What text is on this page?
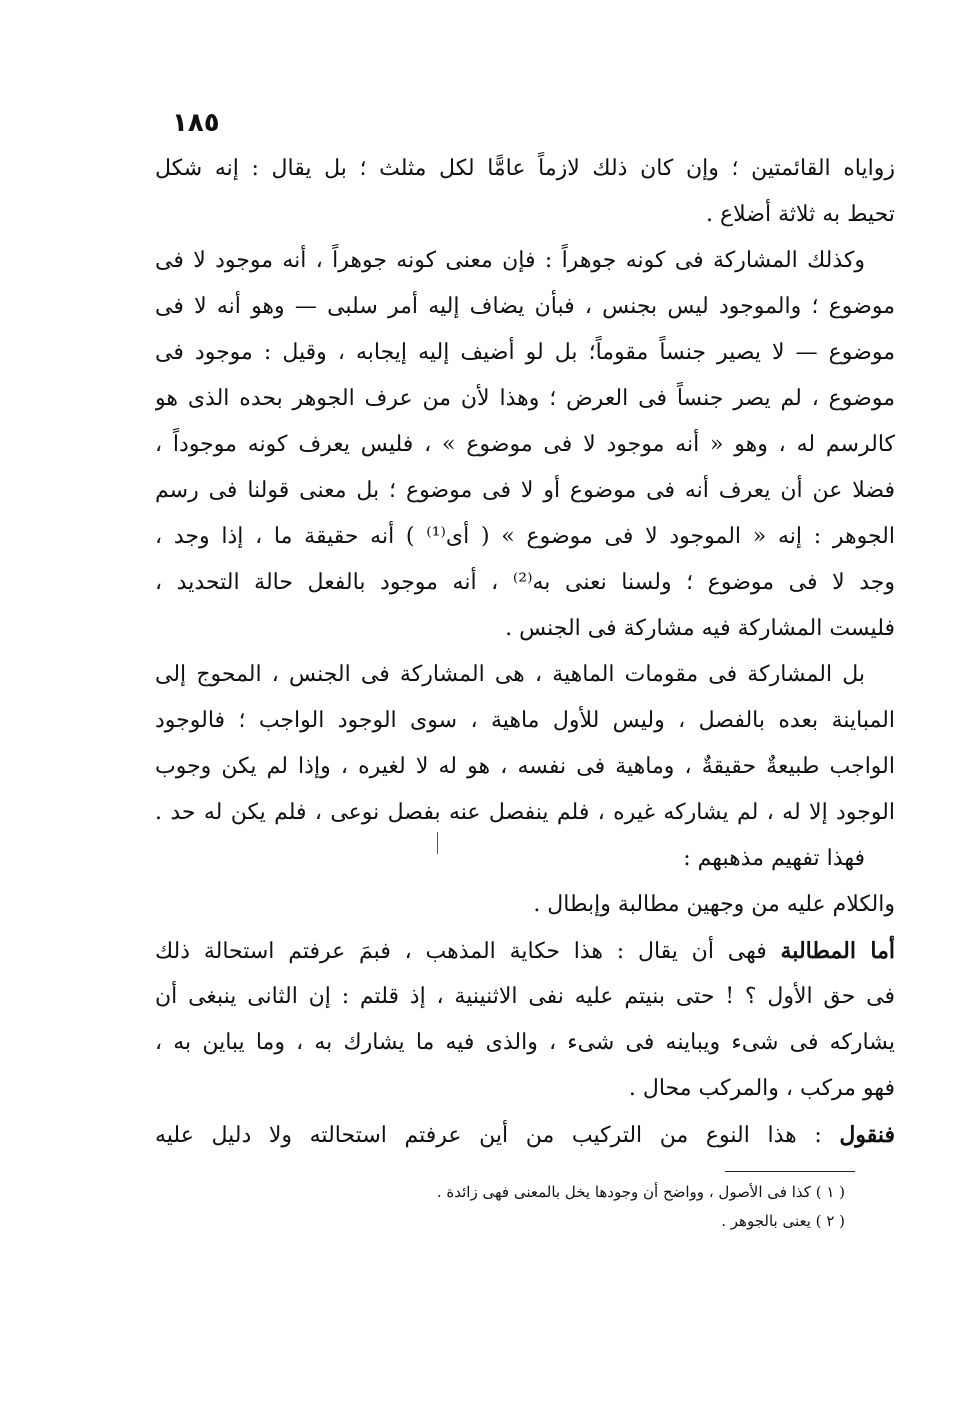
١٨٥
زواياه القائمتين ؛ وإن كان ذلك لازماً عامًّا لكل مثلث ؛ بل يقال : إنه شكل
تحيط به ثلاثة أضلاع .
وكذلك المشاركة فى كونه جوهراً : فإن معنى كونه جوهراً ، أنه موجود لا فى
موضوع ؛ والموجود ليس بجنس ، فبأن يضاف إليه أمر سلبى — وهو أنه لا فى
موضوع — لا يصير جنساً مقوماً؛ بل لو أضيف إليه إيجابه ، وقيل : موجود فى
موضوع ، لم يصر جنساً فى العرض ؛ وهذا لأن من عرف الجوهر بحده الذى هو
كالرسم له ، وهو « أنه موجود لا فى موضوع » ، فليس يعرف كونه موجوداً ،
فضلا عن أن يعرف أنه فى موضوع أو لا فى موضوع ؛ بل معنى قولنا فى رسم
الجوهر : إنه « الموجود لا فى موضوع » ( أى⁽¹⁾ ) أنه حقيقة ما ، إذا وجد ،
وجد لا فى موضوع ؛ ولسنا نعنى به⁽²⁾ ، أنه موجود بالفعل حالة التحديد ،
فليست المشاركة فيه مشاركة فى الجنس .
بل المشاركة فى مقومات الماهية ، هى المشاركة فى الجنس ، المحوج إلى
المباينة بعده بالفصل ، وليس للأول ماهية ، سوى الوجود الواجب ؛ فالوجود
الواجب طبيعةٌ حقيقةٌ ، وماهية فى نفسه ، هو له لا لغيره ، وإذا لم يكن وجوب
الوجود إلا له ، لم يشاركه غيره ، فلم ينفصل عنه بفصل نوعى ، فلم يكن له حد .
فهذا تفهيم مذهبهم :
والكلام عليه من وجهين مطالبة وإبطال .
أما المطالبة فهى أن يقال : هذا حكاية المذهب ، فبمَ عرفتم استحالة ذلك
فى حق الأول ؟ ! حتى بنيتم عليه نفى الاثنينية ، إذ قلتم : إن الثانى ينبغى أن
يشاركه فى شىء ويباينه فى شىء ، والذى فيه ما يشارك به ، وما يباين به ،
فهو مركب ، والمركب محال .
فنقول : هذا النوع من التركيب من أين عرفتم استحالته ولا دليل عليه
( ١ ) كذا فى الأصول ، وواضح أن وجودها يخل بالمعنى فهى زائدة .
( ٢ ) يعنى بالجوهر .
